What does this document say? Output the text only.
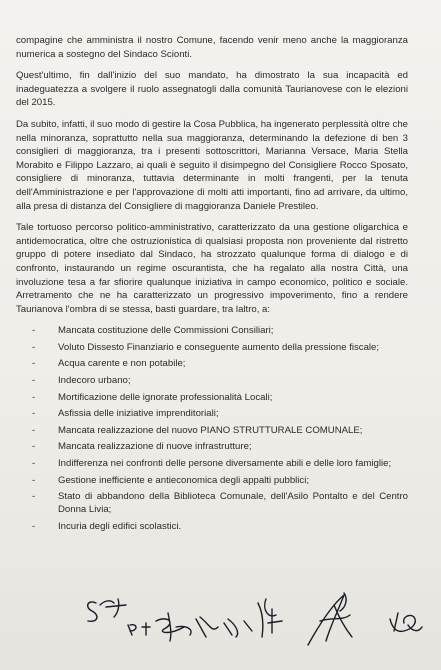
compagine che amministra il nostro Comune, facendo venir meno anche la maggioranza numerica a sostegno del Sindaco Scionti.

Quest'ultimo, fin dall'inizio del suo mandato, ha dimostrato la sua incapacità ed inadeguatezza a svolgere il ruolo assegnatogli dalla comunità Taurianovese con le elezioni del 2015.

Da subito, infatti, il suo modo di gestire la Cosa Pubblica, ha ingenerato perplessità oltre che nella minoranza, soprattutto nella sua maggioranza, determinando la defezione di ben 3 consiglieri di maggioranza, tra i presenti sottoscrittori, Marianna Versace, Maria Stella Morabito e Filippo Lazzaro, ai quali è seguito il disimpegno del Consigliere Rocco Sposato, consigliere di minoranza, tuttavia determinante in molti frangenti, per la tenuta dell'Amministrazione e per l'approvazione di molti atti importanti, fino ad arrivare, da ultimo, alla presa di distanza del Consigliere di maggioranza Daniele Prestileo.

Tale tortuoso percorso politico-amministrativo, caratterizzato da una gestione oligarchica e antidemocratica, oltre che ostruzionistica di qualsiasi proposta non proveniente dal ristretto gruppo di potere insediato dal Sindaco, ha strozzato qualunque forma di dialogo e di confronto, instaurando un regime oscurantista, che ha regalato alla nostra Città, una involuzione tesa a far sfiorire qualunque iniziativa in campo economico, politico e sociale. Arretramento che ne ha caratterizzato un progressivo impoverimento, fino a rendere Taurianova l'ombra di se stessa, basti guardare, tra laltro, a:

- Mancata costituzione delle Commissioni Consiliari;
- Voluto Dissesto Finanziario e conseguente aumento della pressione fiscale;
- Acqua carente e non potabile;
- Indecoro urbano;
- Mortificazione delle ignorate professionalità Locali;
- Asfissia delle iniziative imprenditoriali;
- Mancata realizzazione del nuovo PIANO STRUTTURALE COMUNALE;
- Mancata realizzazione di nuove infrastrutture;
- Indifferenza nei confronti delle persone diversamente abili e delle loro famiglie;
- Gestione inefficiente e antieconomica degli appalti pubblici;
- Stato di abbandono della Biblioteca Comunale, dell'Asilo Pontalto e del Centro Donna Livia;
- Incuria degli edifici scolastici.
